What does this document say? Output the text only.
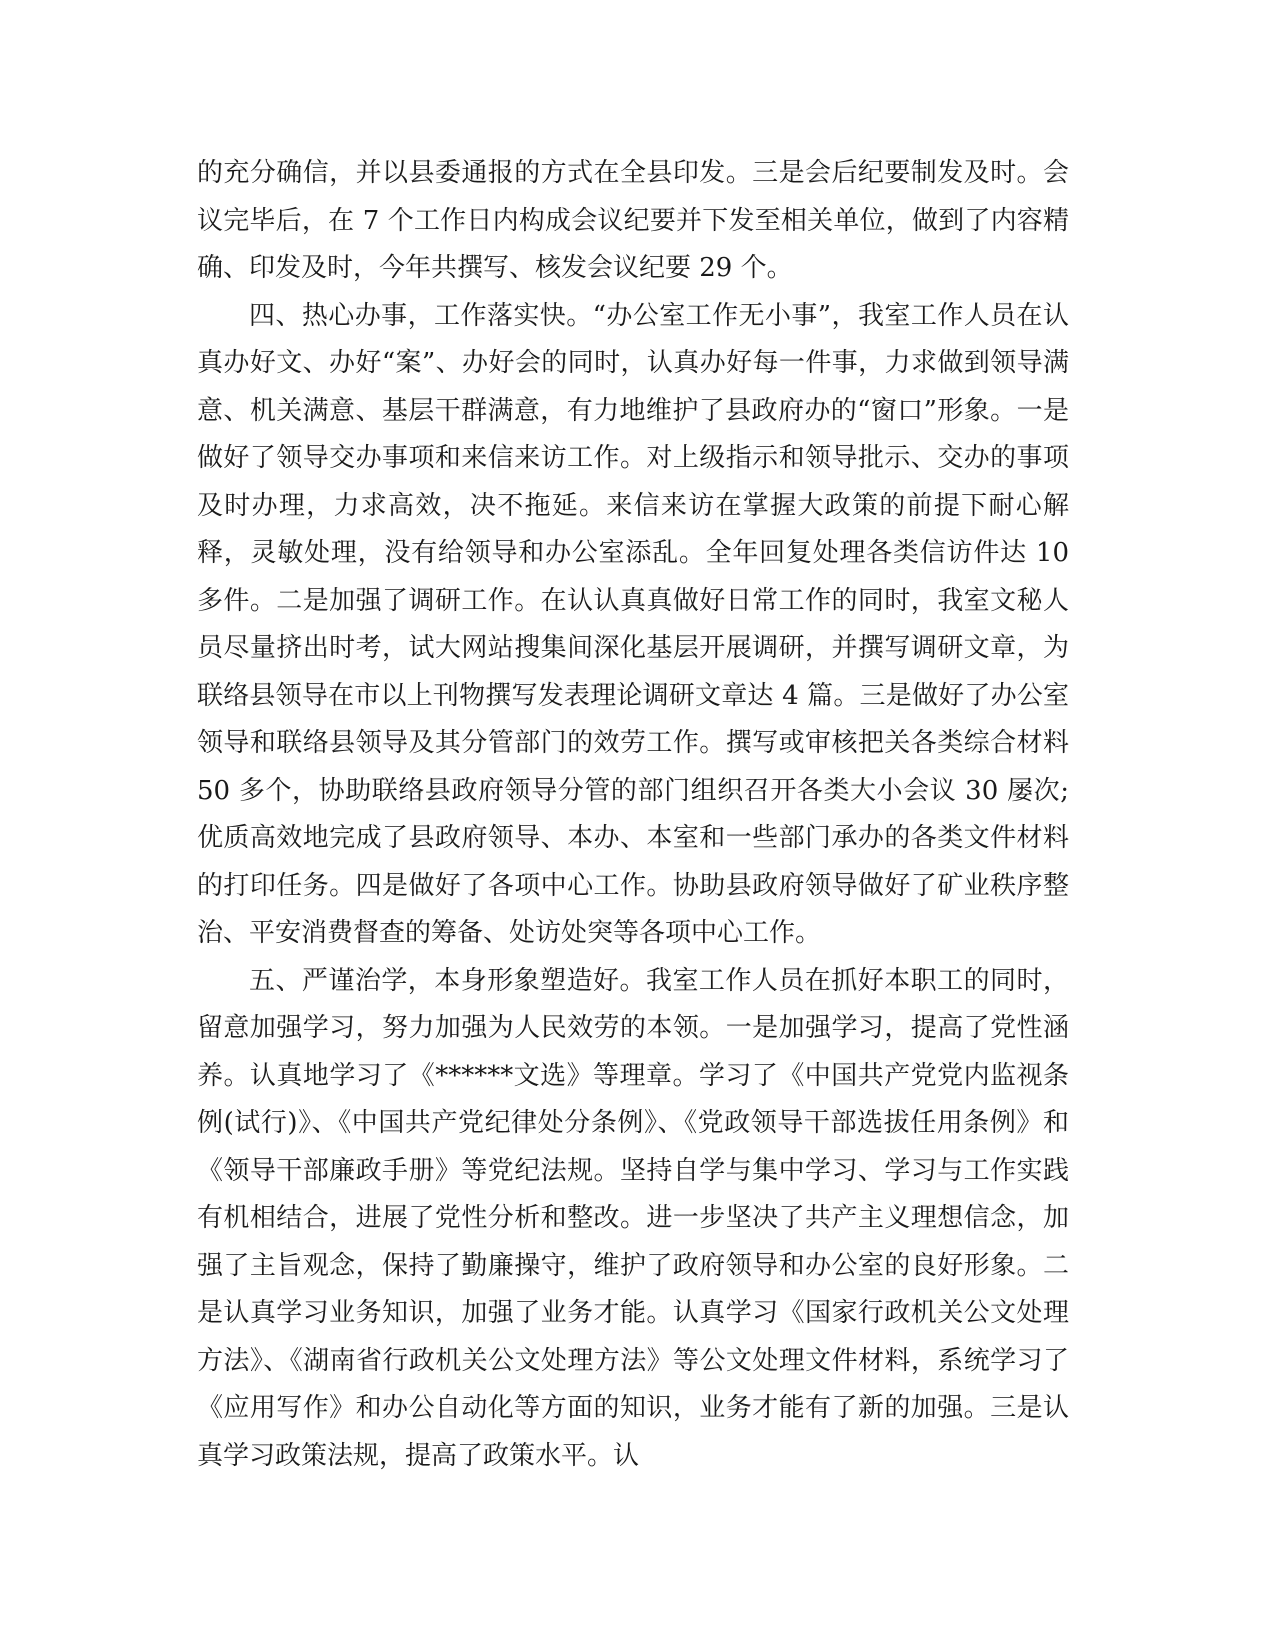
的充分确信，并以县委通报的方式在全县印发。三是会后纪要制发及时。会议完毕后，在 7 个工作日内构成会议纪要并下发至相关单位，做到了内容精确、印发及时，今年共撰写、核发会议纪要 29 个。

四、热心办事，工作落实快。“办公室工作无小事”，我室工作人员在认真办好文、办好“案”、办好会的同时，认真办好每一件事，力求做到领导满意、机关满意、基层干群满意，有力地维护了县政府办的“窗口”形象。一是做好了领导交办事项和来信来访工作。对上级指示和领导批示、交办的事项及时办理，力求高效，决不拖延。来信来访在掌握大政策的前提下耐心解释，灵敏处理，没有给领导和办公室添乱。全年回复处理各类信访件达 10 多件。二是加强了调研工作。在认认真真做好日常工作的同时，我室文秘人员尽量挤出时考，试大网站搜集间深化基层开展调研，并撰写调研文章，为联络县领导在市以上刊物撰写发表理论调研文章达 4 篇。三是做好了办公室领导和联络县领导及其分管部门的效劳工作。撰写或审核把关各类综合材料 50 多个，协助联络县政府领导分管的部门组织召开各类大小会议 30 屡次;优质高效地完成了县政府领导、本办、本室和一些部门承办的各类文件材料的打印任务。四是做好了各项中心工作。协助县政府领导做好了矿业秩序整治、平安消费督查的筹备、处访处突等各项中心工作。

五、严谨治学，本身形象塑造好。我室工作人员在抓好本职工的同时，留意加强学习，努力加强为人民效劳的本领。一是加强学习，提高了党性涵养。认真地学习了《******文选》等理章。学习了《中国共产党党内监视条例(试行)》、《中国共产党纪律处分条例》、《党政领导干部选拔任用条例》和《领导干部廉政手册》等党纪法规。坚持自学与集中学习、学习与工作实践有机相结合，进展了党性分析和整改。进一步坚决了共产主义理想信念，加强了主旨观念，保持了勤廉操守，维护了政府领导和办公室的良好形象。二是认真学习业务知识，加强了业务才能。认真学习《国家行政机关公文处理方法》、《湖南省行政机关公文处理方法》等公文处理文件材料，系统学习了《应用写作》和办公自动化等方面的知识，业务才能有了新的加强。三是认真学习政策法规，提高了政策水平。认
